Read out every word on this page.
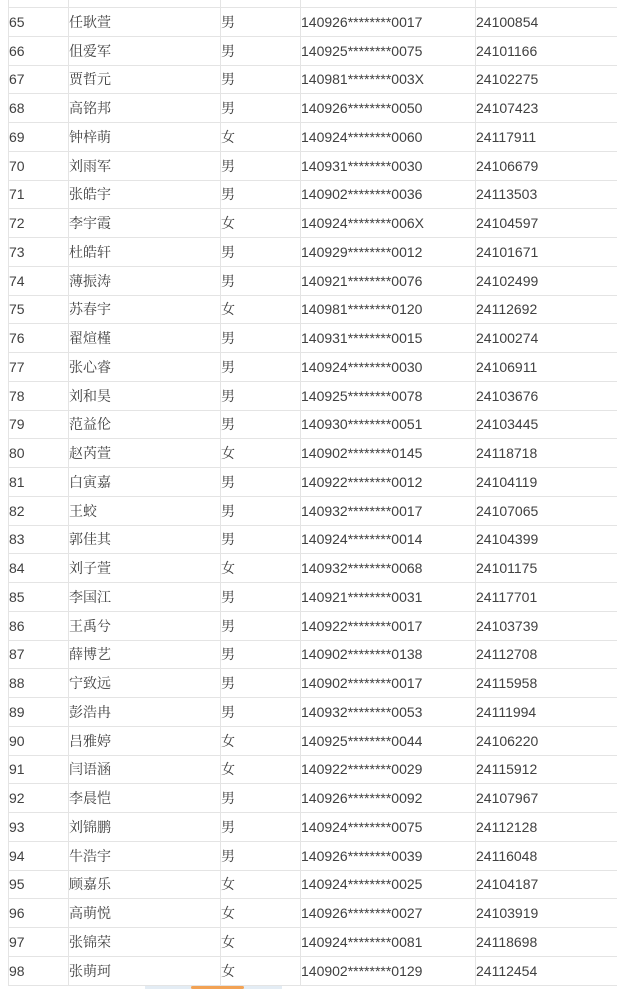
65	任耿萱	男	140926********0017	24100854
66	伹爱军	男	140925********0075	24101166
67	贾哲元	男	140981********003X	24102275
68	高铭邦	男	140926********0050	24107423
69	钟梓萌	女	140924********0060	24117911
70	刘雨军	男	140931********0030	24106679
71	张皓宇	男	140902********0036	24113503
72	李宇霞	女	140924********006X	24104597
73	杜皓轩	男	140929********0012	24101671
74	薄振涛	男	140921********0076	24102499
75	苏春宇	女	140981********0120	24112692
76	翟煊槿	男	140931********0015	24100274
77	张心睿	男	140924********0030	24106911
78	刘和昊	男	140925********0078	24103676
79	范益伦	男	140930********0051	24103445
80	赵芮萱	女	140902********0145	24118718
81	白寅嘉	男	140922********0012	24104119
82	王蛟	男	140932********0017	24107065
83	郭佳其	男	140924********0014	24104399
84	刘子萱	女	140932********0068	24101175
85	李国江	男	140921********0031	24117701
86	王禹兮	男	140922********0017	24103739
87	薛博艺	男	140902********0138	24112708
88	宁致远	男	140902********0017	24115958
89	彭浩冉	男	140932********0053	24111994
90	吕雅婷	女	140925********0044	24106220
91	闫语涵	女	140922********0029	24115912
92	李晨恺	男	140926********0092	24107967
93	刘锦鹏	男	140924********0075	24112128
94	牛浩宇	男	140926********0039	24116048
95	顾嘉乐	女	140924********0025	24104187
96	高萌悦	女	140926********0027	24103919
97	张锦荣	女	140924********0081	24118698
98	张萌珂	女	140902********0129	24112454
